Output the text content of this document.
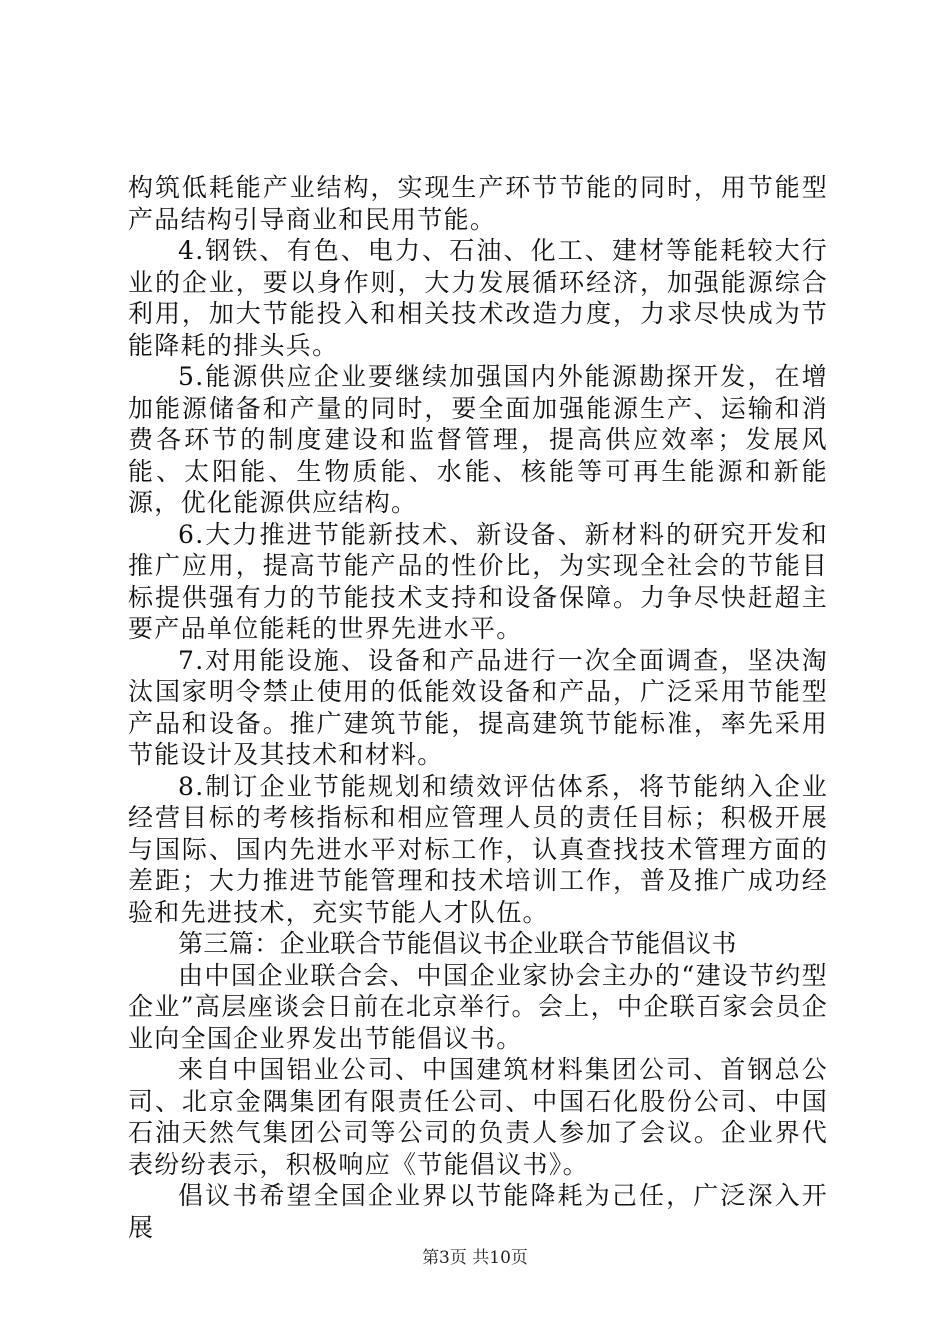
构筑低耗能产业结构，实现生产环节节能的同时，用节能型产品结构引导商业和民用节能。

4.钢铁、有色、电力、石油、化工、建材等能耗较大行业的企业，要以身作则，大力发展循环经济，加强能源综合利用，加大节能投入和相关技术改造力度，力求尽快成为节能降耗的排头兵。

5.能源供应企业要继续加强国内外能源勘探开发，在增加能源储备和产量的同时，要全面加强能源生产、运输和消费各环节的制度建设和监督管理，提高供应效率；发展风能、太阳能、生物质能、水能、核能等可再生能源和新能源，优化能源供应结构。

6.大力推进节能新技术、新设备、新材料的研究开发和推广应用，提高节能产品的性价比，为实现全社会的节能目标提供强有力的节能技术支持和设备保障。力争尽快赶超主要产品单位能耗的世界先进水平。

7.对用能设施、设备和产品进行一次全面调查，坚决淘汰国家明令禁止使用的低能效设备和产品，广泛采用节能型产品和设备。推广建筑节能，提高建筑节能标准，率先采用节能设计及其技术和材料。

8.制订企业节能规划和绩效评估体系，将节能纳入企业经营目标的考核指标和相应管理人员的责任目标；积极开展与国际、国内先进水平对标工作，认真查找技术管理方面的差距；大力推进节能管理和技术培训工作，普及推广成功经验和先进技术，充实节能人才队伍。

第三篇：企业联合节能倡议书企业联合节能倡议书

由中国企业联合会、中国企业家协会主办的“建设节约型企业”高层座谈会日前在北京举行。会上，中企联百家会员企业向全国企业界发出节能倡议书。

来自中国铝业公司、中国建筑材料集团公司、首钢总公司、北京金隅集团有限责任公司、中国石化股份公司、中国石油天然气集团公司等公司的负责人参加了会议。企业界代表纷纷表示，积极响应《节能倡议书》。

倡议书希望全国企业界以节能降耗为己任，广泛深入开展

第3页 共10页
